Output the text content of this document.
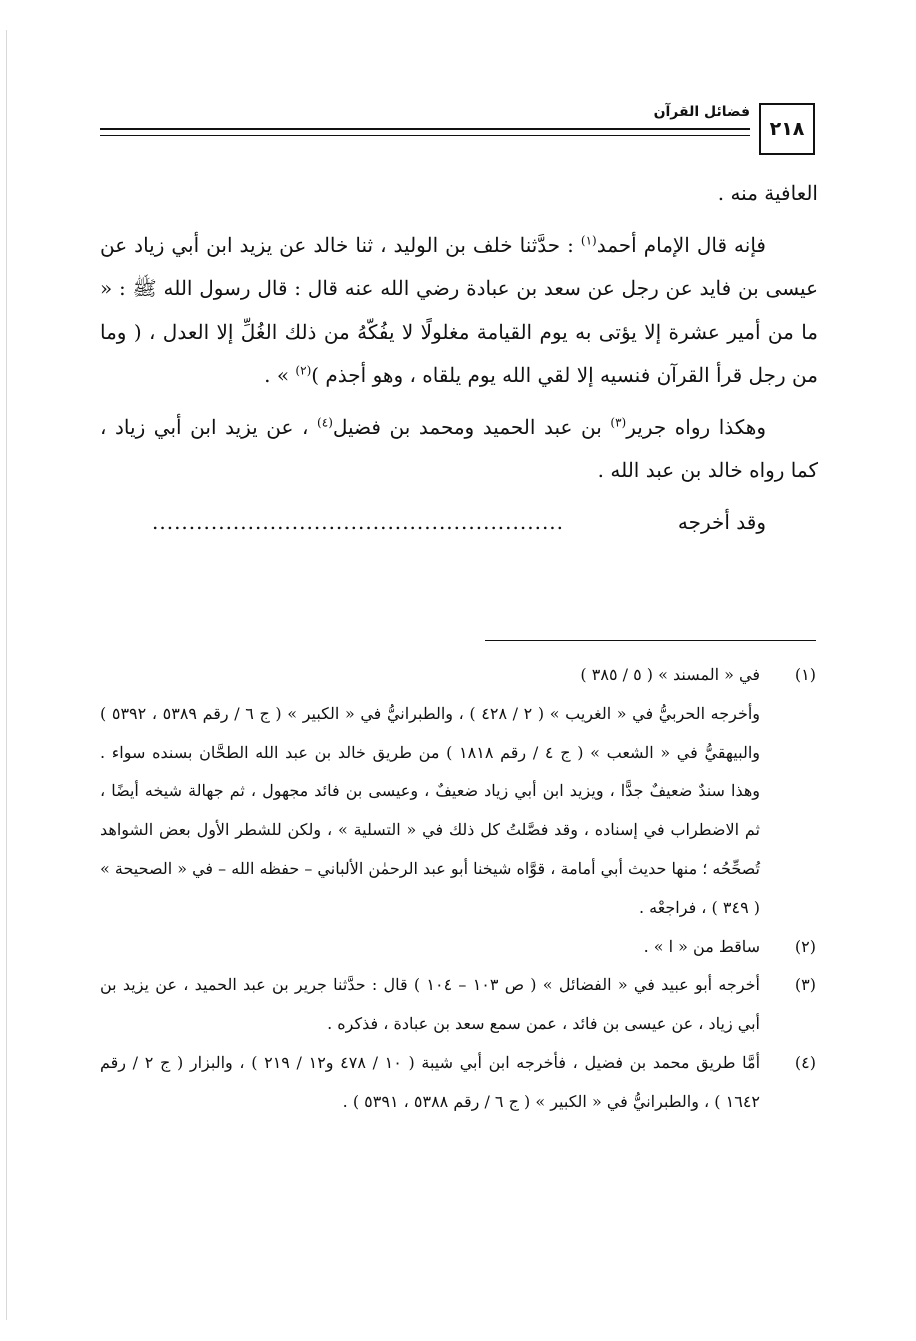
٢١٨
فضائل القرآن

العافية منه .

فإنه قال الإمام أحمد$^{(١)}$ : حدَّثنا خلف بن الوليد ، ثنا خالد عن يزيد ابن أبي زياد عن عيسى بن فايد عن رجل عن سعد بن عبادة رضي الله عنه قال : قال رسول الله ﷺ : « ما من أمير عشرة إلا يؤتى به يوم القيامة مغلولًا لا يفُكّهُ من ذلك الغُلِّ إلا العدل ، ( وما من رجل قرأ القرآن فنسيه إلا لقي الله يوم يلقاه ، وهو أجذم )$^{(٢)}$ » .

وهكذا رواه جرير$^{(٣)}$ بن عبد الحميد ومحمد بن فضيل$^{(٤)}$ ، عن يزيد ابن أبي زياد ، كما رواه خالد بن عبد الله .

وقد أخرجه

........................................................

(١)

في « المسند » ( ٥ / ٣٨٥ )

وأخرجه الحربيُّ في « الغريب » ( ٢ / ٤٢٨ ) ، والطبرانيُّ في « الكبير » ( ج ٦ / رقم ٥٣٨٩ ، ٥٣٩٢ ) والبيهقيُّ في « الشعب » ( ج ٤ / رقم ١٨١٨ ) من طريق خالد بن عبد الله الطحَّان بسنده سواء . وهذا سندٌ ضعيفٌ جدًّا ، ويزيد ابن أبي زياد ضعيفٌ ، وعيسى بن فائد مجهول ، ثم جهالة شيخه أيضًا ، ثم الاضطراب في إسناده ، وقد فصَّلتُ كل ذلك في « التسلية » ، ولكن للشطر الأول بعض الشواهد تُصحِّحُه ؛ منها حديث أبي أمامة ، قوَّاه شيخنا أبو عبد الرحمٰن الألباني – حفظه الله – في « الصحيحة » ( ٣٤٩ ) ، فراجعْه .

(٢)

ساقط من « ا » .

(٣)

أخرجه أبو عبيد في « الفضائل » ( ص ١٠٣ – ١٠٤ ) قال : حدَّثنا جرير بن عبد الحميد ، عن يزيد بن أبي زياد ، عن عيسى بن فائد ، عمن سمع سعد بن عبادة ، فذكره .

(٤)

أمَّا طريق محمد بن فضيل ، فأخرجه ابن أبي شيبة ( ١٠ / ٤٧٨ و١٢ / ٢١٩ ) ، والبزار ( ج ٢ / رقم ١٦٤٢ ) ، والطبرانيُّ في « الكبير » ( ج ٦ / رقم ٥٣٨٨ ، ٥٣٩١ ) .
